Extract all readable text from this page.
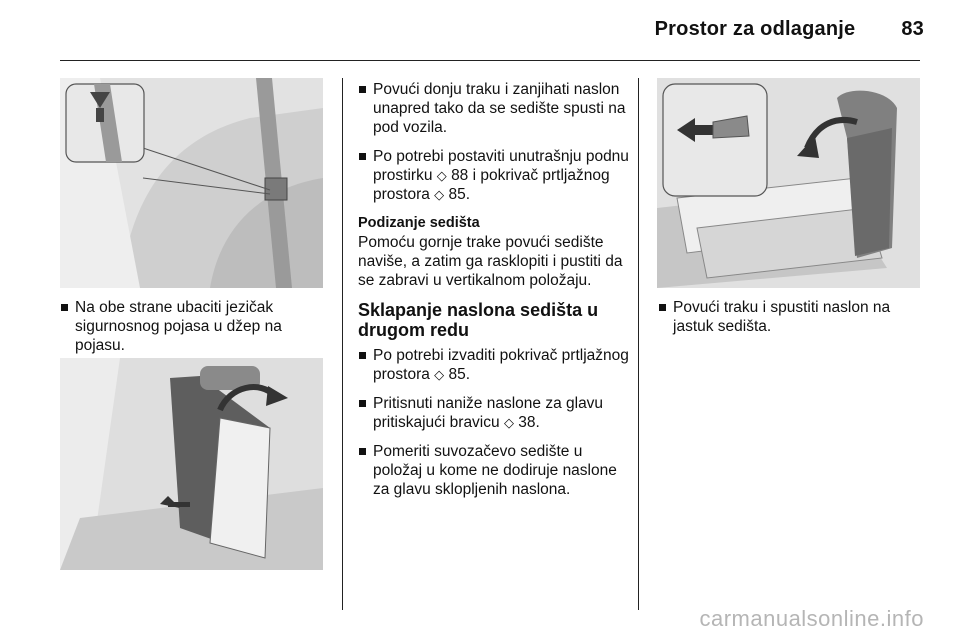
Prostor za odlaganje 83
Na obe strane ubaciti jezičak sigurnosnog pojasa u džep na pojasu.
Povući donju traku i zanjihati naslon unapred tako da se sedište spusti na pod vozila.
Po potrebi postaviti unutrašnju podnu prostirku ◇ 88 i pokrivač prtljažnog prostora ◇ 85.
Podizanje sedišta
Pomoću gornje trake povući sedište naviše, a zatim ga rasklopiti i pustiti da se zabravi u vertikalnom položaju.
Sklapanje naslona sedišta u drugom redu
Po potrebi izvaditi pokrivač prtljažnog prostora ◇ 85.
Pritisnuti naniže naslone za glavu pritiskajući bravicu ◇ 38.
Pomeriti suvozačevo sedište u položaj u kome ne dodiruje naslone za glavu sklopljenih naslona.
Povući traku i spustiti naslon na jastuk sedišta.
carmanualsonline.info
